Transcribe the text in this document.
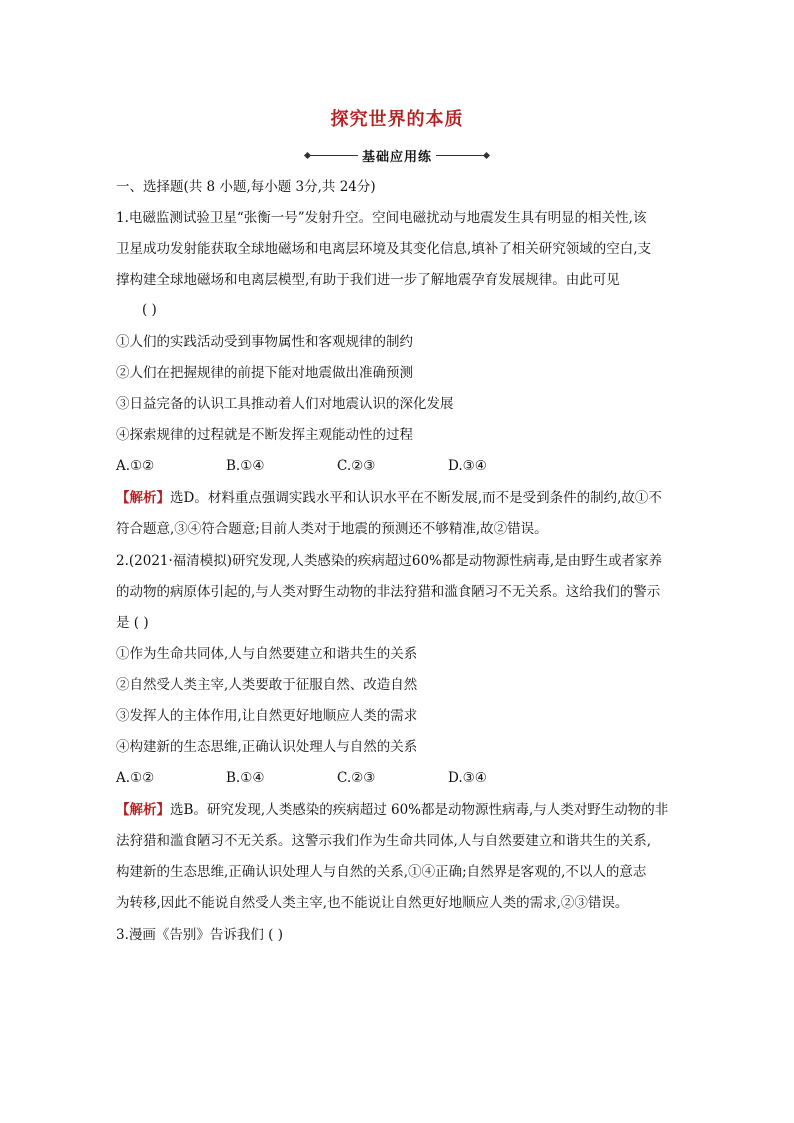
探究世界的本质
基础应用练
一、选择题(共 8 小题,每小题 3分,共 24分)
1.电磁监测试验卫星“张衡一号”发射升空。空间电磁扰动与地震发生具有明显的相关性,该
卫星成功发射能获取全球地磁场和电离层环境及其变化信息,填补了相关研究领域的空白,支
撑构建全球地磁场和电离层模型,有助于我们进一步了解地震孕育发展规律。由此可见
( )
①人们的实践活动受到事物属性和客观规律的制约
②人们在把握规律的前提下能对地震做出准确预测
③日益完备的认识工具推动着人们对地震认识的深化发展
④探索规律的过程就是不断发挥主观能动性的过程
A.①②	B.①④	C.②③	D.③④
【解析】选D。材料重点强调实践水平和认识水平在不断发展,而不是受到条件的制约,故①不
符合题意,③④符合题意;目前人类对于地震的预测还不够精准,故②错误。
2.(2021·福清模拟)研究发现,人类感染的疾病超过60%都是动物源性病毒,是由野生或者家养
的动物的病原体引起的,与人类对野生动物的非法狩猎和滥食陋习不无关系。这给我们的警示
是 ( )
①作为生命共同体,人与自然要建立和谐共生的关系
②自然受人类主宰,人类要敢于征服自然、改造自然
③发挥人的主体作用,让自然更好地顺应人类的需求
④构建新的生态思维,正确认识处理人与自然的关系
A.①②	B.①④	C.②③	D.③④
【解析】选B。研究发现,人类感染的疾病超过 60%都是动物源性病毒,与人类对野生动物的非
法狩猎和滥食陋习不无关系。这警示我们作为生命共同体,人与自然要建立和谐共生的关系,
构建新的生态思维,正确认识处理人与自然的关系,①④正确;自然界是客观的,不以人的意志
为转移,因此不能说自然受人类主宰,也不能说让自然更好地顺应人类的需求,②③错误。
3.漫画《告别》告诉我们 ( )
